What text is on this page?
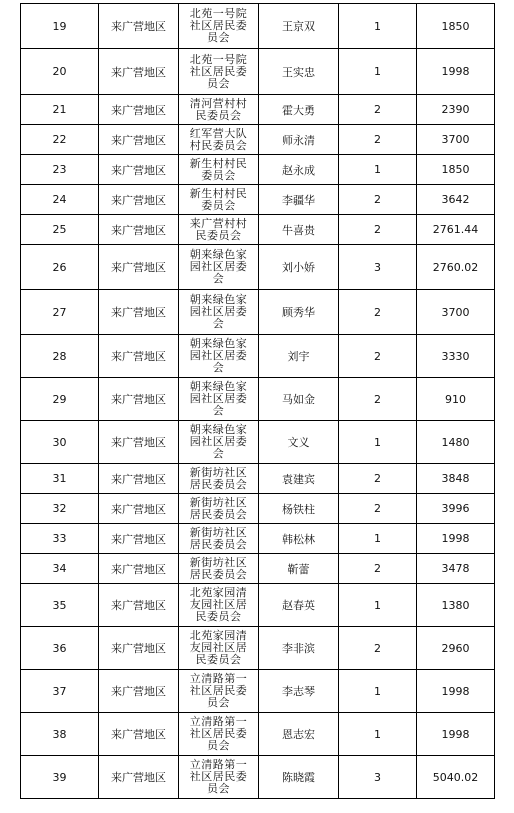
19	来广营地区	北苑一号院社区居民委员会	王京双	1	1850
20	来广营地区	北苑一号院社区居民委员会	王实忠	1	1998
21	来广营地区	清河营村村民委员会	霍大勇	2	2390
22	来广营地区	红军营大队村民委员会	师永清	2	3700
23	来广营地区	新生村村民委员会	赵永成	1	1850
24	来广营地区	新生村村民委员会	李疆华	2	3642
25	来广营地区	来广营村村民委员会	牛喜贵	2	2761.44
26	来广营地区	朝来绿色家园社区居委会	刘小娇	3	2760.02
27	来广营地区	朝来绿色家园社区居委会	顾秀华	2	3700
28	来广营地区	朝来绿色家园社区居委会	刘宇	2	3330
29	来广营地区	朝来绿色家园社区居委会	马如金	2	910
30	来广营地区	朝来绿色家园社区居委会	文义	1	1480
31	来广营地区	新街坊社区居民委员会	袁建宾	2	3848
32	来广营地区	新街坊社区居民委员会	杨铁柱	2	3996
33	来广营地区	新街坊社区居民委员会	韩松林	1	1998
34	来广营地区	新街坊社区居民委员会	靳蕾	2	3478
35	来广营地区	北苑家园清友园社区居民委员会	赵春英	1	1380
36	来广营地区	北苑家园清友园社区居民委员会	李非滨	2	2960
37	来广营地区	立清路第一社区居民委员会	李志琴	1	1998
38	来广营地区	立清路第一社区居民委员会	恩志宏	1	1998
39	来广营地区	立清路第一社区居民委员会	陈晓霞	3	5040.02
